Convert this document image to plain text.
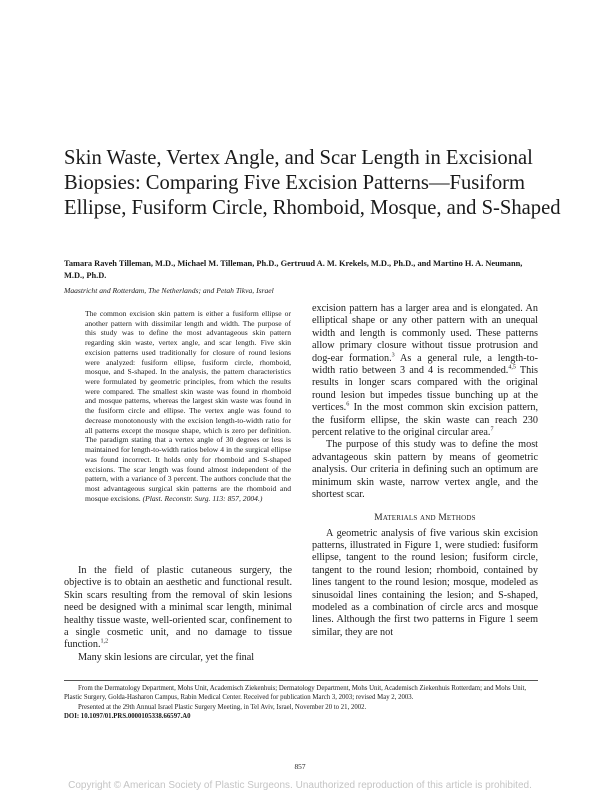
Skin Waste, Vertex Angle, and Scar Length in Excisional Biopsies: Comparing Five Excision Patterns—Fusiform Ellipse, Fusiform Circle, Rhomboid, Mosque, and S-Shaped
Tamara Raveh Tilleman, M.D., Michael M. Tilleman, Ph.D., Gertruud A. M. Krekels, M.D., Ph.D., and Martino H. A. Neumann, M.D., Ph.D.
Maastricht and Rotterdam, The Netherlands; and Petah Tikva, Israel

The common excision skin pattern is either a fusiform ellipse or another pattern with dissimilar length and width. The purpose of this study was to define the most advantageous skin pattern regarding skin waste, vertex angle, and scar length. Five skin excision patterns used traditionally for closure of round lesions were analyzed: fusiform ellipse, fusiform circle, rhomboid, mosque, and S-shaped. In the analysis, the pattern characteristics were formulated by geometric principles, from which the results were compared. The smallest skin waste was found in rhomboid and mosque patterns, whereas the largest skin waste was found in the fusiform circle and ellipse. The vertex angle was found to decrease monotonously with the excision length-to-width ratio for all patterns except the mosque shape, which is zero per definition. The paradigm stating that a vertex angle of 30 degrees or less is maintained for length-to-width ratios below 4 in the surgical ellipse was found incorrect. It holds only for rhomboid and S-shaped excisions. The scar length was found almost independent of the pattern, with a variance of 3 percent. The authors conclude that the most advantageous surgical skin patterns are the rhomboid and mosque excisions. (Plast. Reconstr. Surg. 113: 857, 2004.)

In the field of plastic cutaneous surgery, the objective is to obtain an aesthetic and functional result. Skin scars resulting from the removal of skin lesions need be designed with a minimal scar length, minimal healthy tissue waste, well-oriented scar, confinement to a single cosmetic unit, and no damage to tissue function.$^{1,2}$

Many skin lesions are circular, yet the final

excision pattern has a larger area and is elongated. An elliptical shape or any other pattern with an unequal width and length is commonly used. These patterns allow primary closure without tissue protrusion and dog-ear formation.$^3$ As a general rule, a length-to-width ratio between 3 and 4 is recommended.$^{4,5}$ This results in longer scars compared with the original round lesion but impedes tissue bunching up at the vertices.$^6$ In the most common skin excision pattern, the fusiform ellipse, the skin waste can reach 230 percent relative to the original circular area.$^7$

The purpose of this study was to define the most advantageous skin pattern by means of geometric analysis. Our criteria in defining such an optimum are minimum skin waste, narrow vertex angle, and the shortest scar.

Materials and Methods

A geometric analysis of five various skin excision patterns, illustrated in Figure 1, were studied: fusiform ellipse, tangent to the round lesion; fusiform circle, tangent to the round lesion; rhomboid, contained by lines tangent to the round lesion; mosque, modeled as sinusoidal lines containing the lesion; and S-shaped, modeled as a combination of circle arcs and mosque lines. Although the first two patterns in Figure 1 seem similar, they are not

From the Dermatology Department, Mohs Unit, Academisch Ziekenhuis; Dermatology Department, Mohs Unit, Academisch Ziekenhuis Rotterdam; and Mohs Unit, Plastic Surgery, Golda-Hasharon Campus, Rabin Medical Center. Received for publication March 3, 2003; revised May 2, 2003.

Presented at the 29th Annual Israel Plastic Surgery Meeting, in Tel Aviv, Israel, November 20 to 21, 2002.

DOI: 10.1097/01.PRS.0000105338.66597.A0

857
Copyright © American Society of Plastic Surgeons. Unauthorized reproduction of this article is prohibited.
